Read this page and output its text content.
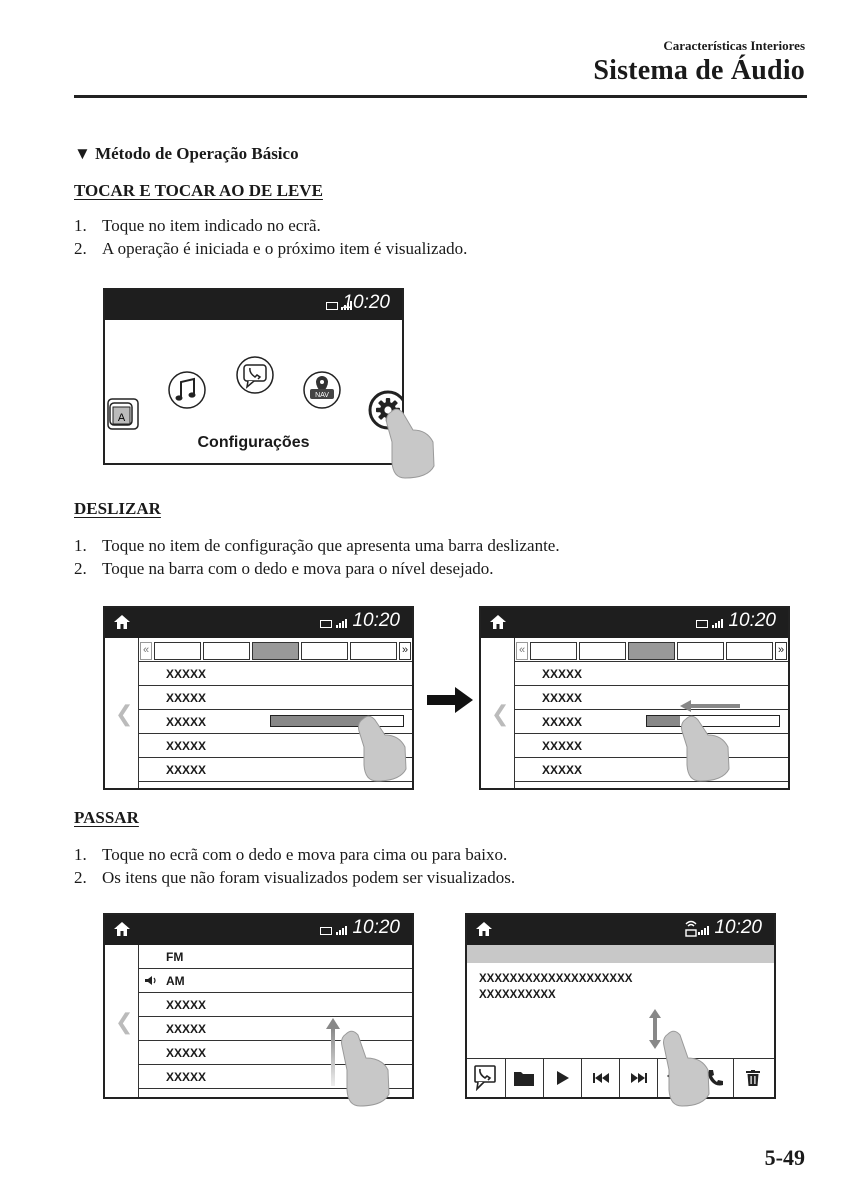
Características Interiores
Sistema de Áudio
▼ Método de Operação Básico
TOCAR E TOCAR AO DE LEVE
1. Toque no item indicado no ecrã.
2. A operação é iniciada e o próximo item é visualizado.
10:20
A
NAV
Configurações
DESLIZAR
1. Toque no item de configuração que apresenta uma barra deslizante.
2. Toque na barra com o dedo e mova para o nível desejado.
10:20
❮
«	»
XXXXX
XXXXX
XXXXX
XXXXX
XXXXX
10:20
❮
«	»
XXXXX
XXXXX
XXXXX
XXXXX
XXXXX
PASSAR
1. Toque no ecrã com o dedo e mova para cima ou para baixo.
2. Os itens que não foram visualizados podem ser visualizados.
10:20
❮
FM
AM
XXXXX
XXXXX
XXXXX
XXXXX
10:20
XXXXXXXXXXXXXXXXXXXX
XXXXXXXXXX
5-49
